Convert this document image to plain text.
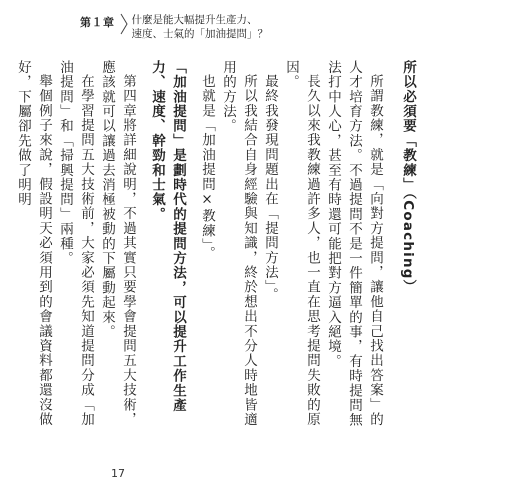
第１章 什麼是能大幅提升生產力、
速度、士氣的「加油提問」？

所以必須要「教練」（Coaching）

所謂教練，就是「向對方提問，讓他自己找出答案」的人才培育方法。不過提問不是一件簡單的事，有時提問無法打中人心，甚至有時還可能把對方逼入絕境。

長久以來我教練過許多人，也一直在思考提問失敗的原因。

最終我發現問題出在「提問方法」。

所以我結合自身經驗與知識，終於想出不分人時地皆適用的方法。

也就是「加油提問×教練」。

「加油提問」是劃時代的提問方法，可以提升工作生產力、速度、幹勁和士氣。

第四章將詳細說明，不過其實只要學會提問五大技術，應該就可以讓過去消極被動的下屬動起來。

在學習提問五大技術前，大家必須先知道提問分成「加油提問」和「掃興提問」兩種。

舉個例子來說，假設明天必須用到的會議資料都還沒做好，下屬卻先做了明明

17
